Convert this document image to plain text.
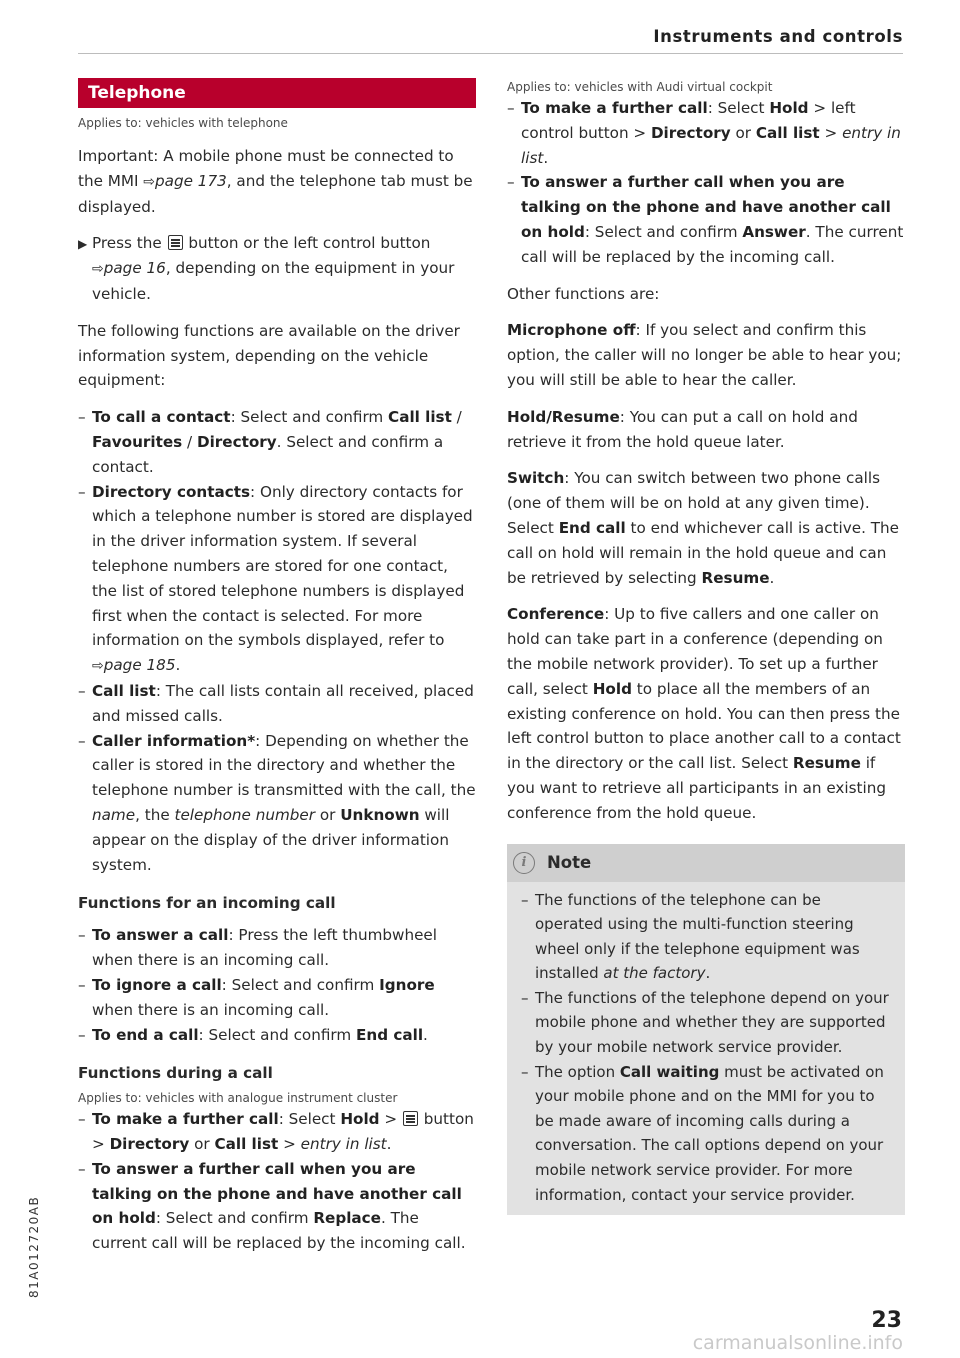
Instruments and controls
Telephone
Applies to: vehicles with telephone

Important: A mobile phone must be connected to the MMI ⇨page 173, and the telephone tab must be displayed.

▶ Press the  button or the left control button ⇨page 16, depending on the equipment in your vehicle.

The following functions are available on the driver information system, depending on the vehicle equipment:

– To call a contact: Select and confirm Call list / Favourites / Directory. Select and confirm a contact.
– Directory contacts: Only directory contacts for which a telephone number is stored are displayed in the driver information system. If several telephone numbers are stored for one contact, the list of stored telephone numbers is displayed first when the contact is selected. For more information on the symbols displayed, refer to ⇨page 185.
– Call list: The call lists contain all received, placed and missed calls.
– Caller information*: Depending on whether the caller is stored in the directory and whether the telephone number is transmitted with the call, the name, the telephone number or Unknown will appear on the display of the driver information system.
Functions for an incoming call
– To answer a call: Press the left thumbwheel when there is an incoming call.
– To ignore a call: Select and confirm Ignore when there is an incoming call.
– To end a call: Select and confirm End call.
Functions during a call
Applies to: vehicles with analogue instrument cluster
– To make a further call: Select Hold >  button > Directory or Call list > entry in list.
– To answer a further call when you are talking on the phone and have another call on hold: Select and confirm Replace. The current call will be replaced by the incoming call.
Applies to: vehicles with Audi virtual cockpit
– To make a further call: Select Hold > left control button > Directory or Call list > entry in list.
– To answer a further call when you are talking on the phone and have another call on hold: Select and confirm Answer. The current call will be replaced by the incoming call.

Other functions are:

Microphone off: If you select and confirm this option, the caller will no longer be able to hear you; you will still be able to hear the caller.

Hold/Resume: You can put a call on hold and retrieve it from the hold queue later.

Switch: You can switch between two phone calls (one of them will be on hold at any given time). Select End call to end whichever call is active. The call on hold will remain in the hold queue and can be retrieved by selecting Resume.

Conference: Up to five callers and one caller on hold can take part in a conference (depending on the mobile network provider). To set up a further call, select Hold to place all the members of an existing conference on hold. You can then press the left control button to place another call to a contact in the directory or the call list. Select Resume if you want to retrieve all participants in an existing conference from the hold queue.

i	Note
– The functions of the telephone can be operated using the multi-function steering wheel only if the telephone equipment was installed at the factory.
– The functions of the telephone depend on your mobile phone and whether they are supported by your mobile network service provider.
– The option Call waiting must be activated on your mobile phone and on the MMI for you to be made aware of incoming calls during a conversation. The call options depend on your mobile network service provider. For more information, contact your service provider.
81A012720AB
23
carmanualsonline.info
